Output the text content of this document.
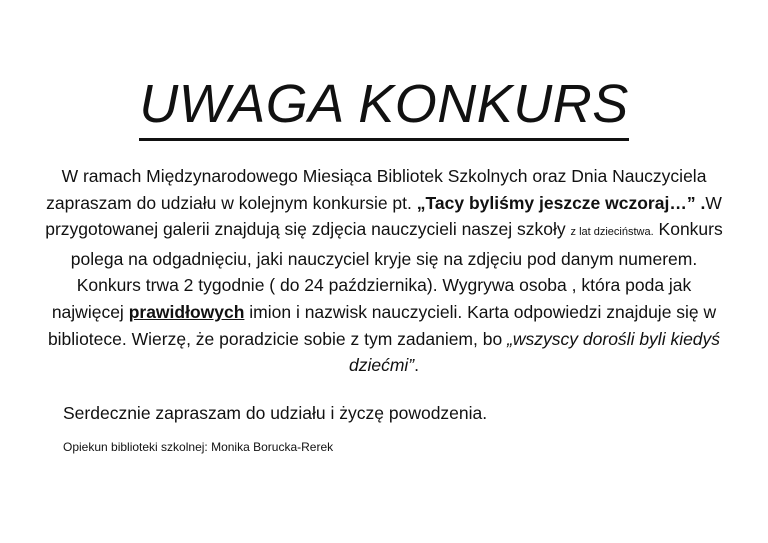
UWAGA KONKURS
W ramach Międzynarodowego Miesiąca Bibliotek Szkolnych oraz Dnia Nauczyciela zapraszam do udziału w kolejnym konkursie pt. „Tacy byliśmy jeszcze wczoraj…” .W przygotowanej galerii znajdują się zdjęcia nauczycieli naszej szkoły z lat dzieciństwa. Konkurs polega na odgadnięciu, jaki nauczyciel kryje się na zdjęciu pod danym numerem. Konkurs trwa 2 tygodnie ( do 24 października). Wygrywa osoba , która poda jak najwięcej prawidłowych imion i nazwisk nauczycieli. Karta odpowiedzi znajduje się w bibliotece. Wierzę, że poradzicie sobie z tym zadaniem, bo „wszyscy dorośli byli kiedyś dziećmi”.
Serdecznie zapraszam do udziału i życzę powodzenia.
Opiekun biblioteki szkolnej: Monika Borucka-Rerek
